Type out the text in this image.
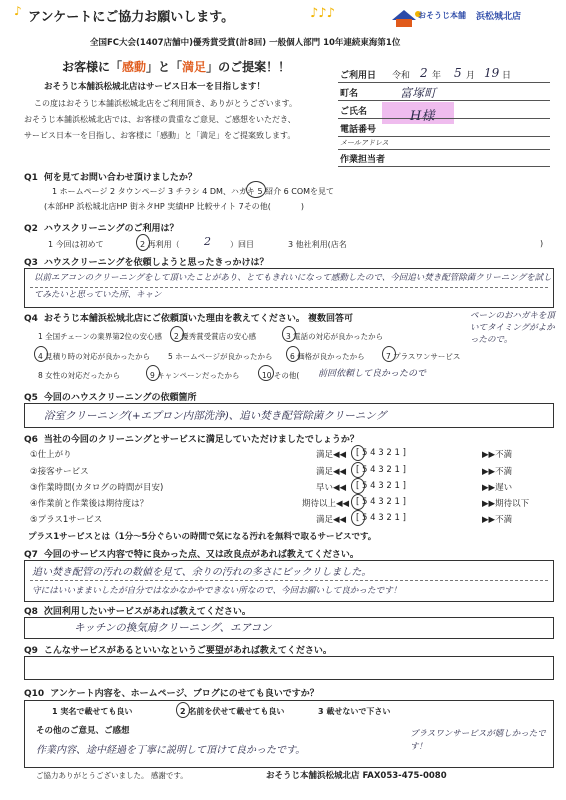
♪ アンケートにご協力お願いします。	♪♪♪	おそうじ本舗 浜松城北店
全国FC大会(1407店舗中)優秀賞受賞(計8回) 一般個人部門 10年連続東海第1位
お客様に「感動」と「満足」のご提案！！
おそうじ本舗浜松城北店はサービス日本一を目指します！
この度はおそうじ本舗浜松城北店をご利用頂き、ありがとうございます。
おそうじ本舗浜松城北店では、お客様の貴重なご意見、ご感想をいただき、
サービス日本一を目指し、お客様に「感動」と「満足」をご提案致します。
ご利用日 令和 2 年 5 月 19 日
町名	富塚町
ご氏名	H様
電話番号
メールアドレス
作業担当者
Q1 何を見てお問い合わせ頂けましたか？
1 ホームページ 2 タウンページ 3 チラシ 4 DM、ハガキ 5 紹介 6 COMを見て
(本部HP 浜松城北店HP 街ネタHP 実績HP 比較サイト 7その他(	)
Q2 ハウスクリーニングのご利用は？
1 今回は初めて	2 再利用（ 2 ）回目	3 他社利用(店名	)
Q3 ハウスクリーニングを依頼しようと思ったきっかけは？
以前エアコンのクリーニングをして頂いたことがあり、とてもきれいになって感動したので、今回追い焚き配管除菌クリーニングを試してみたいと思っていた所、キャン
ペーンのおハガキを頂いてタイミングがよかったので。
Q4 おそうじ本舗浜松城北店にご依頼頂いた理由を教えてください。 複数回答可
1 全国チェーンの業界第2位の安心感 2 優秀賞受賞店の安心感	3 電話の対応が良かったから
4 見積り時の対応が良かったから 5 ホームページが良かったから 6 価格が良かったから	7 プラスワンサービス
8 女性の対応だったから	9 キャンペーンだったから	10 その他( 前回依頼して良かったので
Q5 今回のハウスクリーニングの依頼箇所
浴室クリーニング(+エプロン内部洗浄)、追い焚き配管除菌クリーニング
Q6 当社の今回のクリーニングとサービスに満足していただけましたでしょうか？
①仕上がり	満足◀◀ [ 5 4 3 2 1 ]	▶▶不満
②接客サービス	満足◀◀ [ 5 4 3 2 1 ]	▶▶不満
③作業時間(カタログの時間が目安)	早い◀◀ [ 5 4 3 2 1 ]	▶▶遅い
④作業前と作業後は期待度は？	期待以上◀◀ [ 5 4 3 2 1 ]	▶▶期待以下
⑤プラス1サービス	満足◀◀ [ 5 4 3 2 1 ]	▶▶不満
プラス1サービスとは（1分～5分ぐらいの時間で気になる汚れを無料で取るサービスです。
Q7 今回のサービス内容で特に良かった点、又は改良点があれば教えてください。
追い焚き配管の汚れの数値を見て、余りの汚れの多さにビックリしました。
守にはいいままいしたが自分ではなかなかやできない所なので、今回お願いして良かったです！
Q8 次回利用したいサービスがあれば教えてください。
キッチンの換気扇クリーニング、エアコン
Q9 こんなサービスがあるといいなというご要望があれば教えてください。
Q10 アンケート内容を、ホームページ、ブログにのせても良いですか？
1 実名で載せても良い	2 名前を伏せて載せても良い	3 載せないで下さい
その他のご意見、ご感想
作業内容、途中経過を丁寧に説明して頂けて良かったです。
プラスワンサービスが嬉しかったです！
ご協力ありがとうございました。 感謝です。	おそうじ本舗浜松城北店 FAX053-475-0080
